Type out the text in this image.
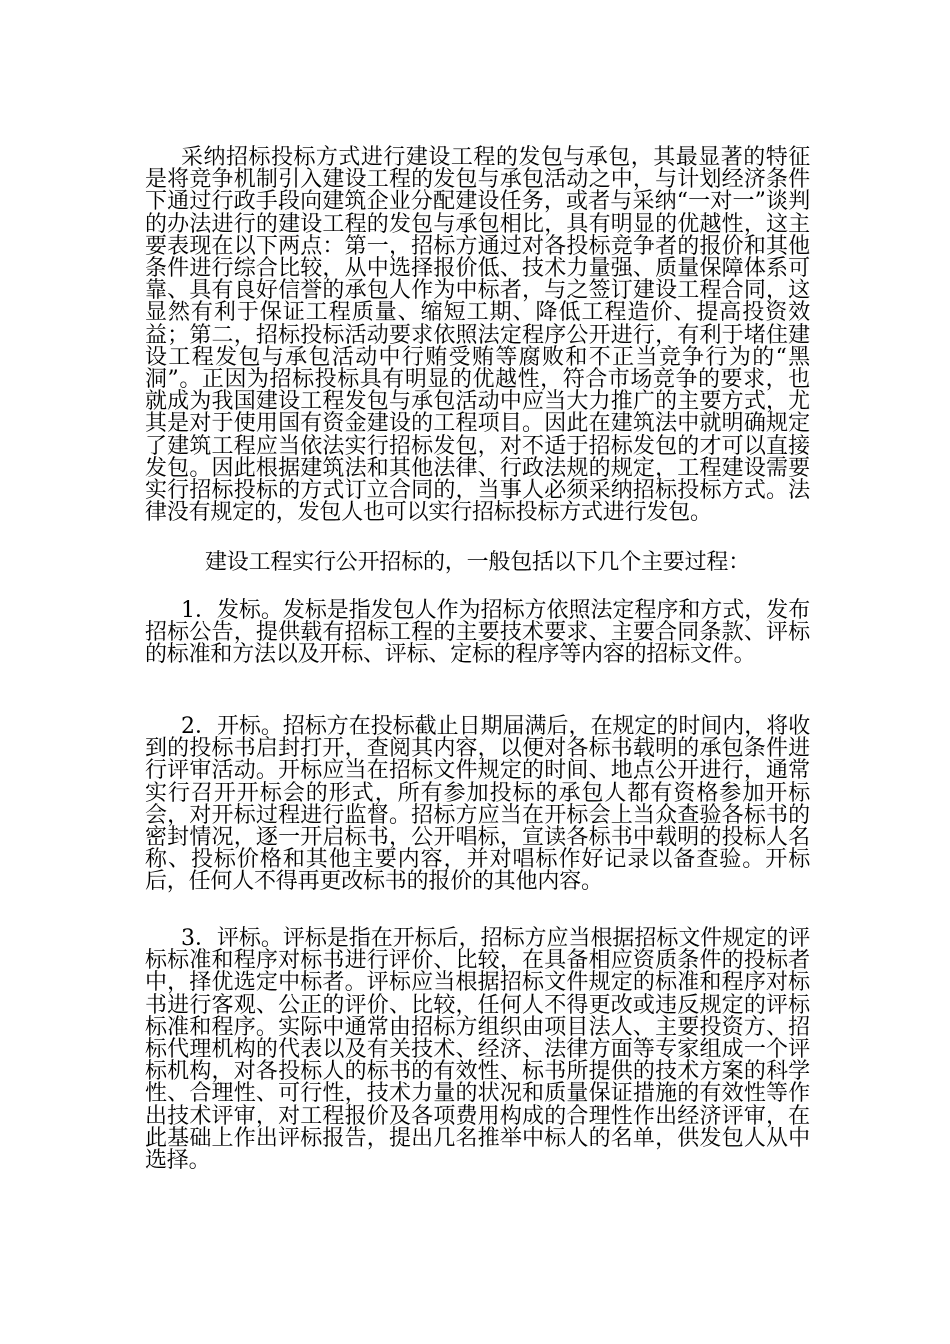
采纳招标投标方式进行建设工程的发包与承包，其最显著的特征是将竞争机制引入建设工程的发包与承包活动之中，与计划经济条件下通过行政手段向建筑企业分配建设任务，或者与采纳“一对一”谈判的办法进行的建设工程的发包与承包相比，具有明显的优越性，这主要表现在以下两点：第一，招标方通过对各投标竞争者的报价和其他条件进行综合比较，从中选择报价低、技术力量强、质量保障体系可靠、具有良好信誉的承包人作为中标者，与之签订建设工程合同，这显然有利于保证工程质量、缩短工期、降低工程造价、提高投资效益；第二，招标投标活动要求依照法定程序公开进行，有利于堵住建设工程发包与承包活动中行贿受贿等腐败和不正当竞争行为的“黑洞”。正因为招标投标具有明显的优越性，符合市场竞争的要求，也就成为我国建设工程发包与承包活动中应当大力推广的主要方式，尤其是对于使用国有资金建设的工程项目。因此在建筑法中就明确规定了建筑工程应当依法实行招标发包，对不适于招标发包的才可以直接发包。因此根据建筑法和其他法律、行政法规的规定，工程建设需要实行招标投标的方式订立合同的，当事人必须采纳招标投标方式。法律没有规定的，发包人也可以实行招标投标方式进行发包。

建设工程实行公开招标的，一般包括以下几个主要过程：

1．发标。发标是指发包人作为招标方依照法定程序和方式，发布招标公告，提供载有招标工程的主要技术要求、主要合同条款、评标的标准和方法以及开标、评标、定标的程序等内容的招标文件。

2．开标。招标方在投标截止日期届满后，在规定的时间内，将收到的投标书启封打开，查阅其内容，以便对各标书载明的承包条件进行评审活动。开标应当在招标文件规定的时间、地点公开进行，通常实行召开开标会的形式，所有参加投标的承包人都有资格参加开标会，对开标过程进行监督。招标方应当在开标会上当众查验各标书的密封情况，逐一开启标书，公开唱标，宣读各标书中载明的投标人名称、投标价格和其他主要内容，并对唱标作好记录以备查验。开标后，任何人不得再更改标书的报价的其他内容。

3．评标。评标是指在开标后，招标方应当根据招标文件规定的评标标准和程序对标书进行评价、比较，在具备相应资质条件的投标者中，择优选定中标者。评标应当根据招标文件规定的标准和程序对标书进行客观、公正的评价、比较，任何人不得更改或违反规定的评标标准和程序。实际中通常由招标方组织由项目法人、主要投资方、招标代理机构的代表以及有关技术、经济、法律方面等专家组成一个评标机构，对各投标人的标书的有效性、标书所提供的技术方案的科学性、合理性、可行性，技术力量的状况和质量保证措施的有效性等作出技术评审，对工程报价及各项费用构成的合理性作出经济评审，在此基础上作出评标报告，提出几名推举中标人的名单，供发包人从中选择。
